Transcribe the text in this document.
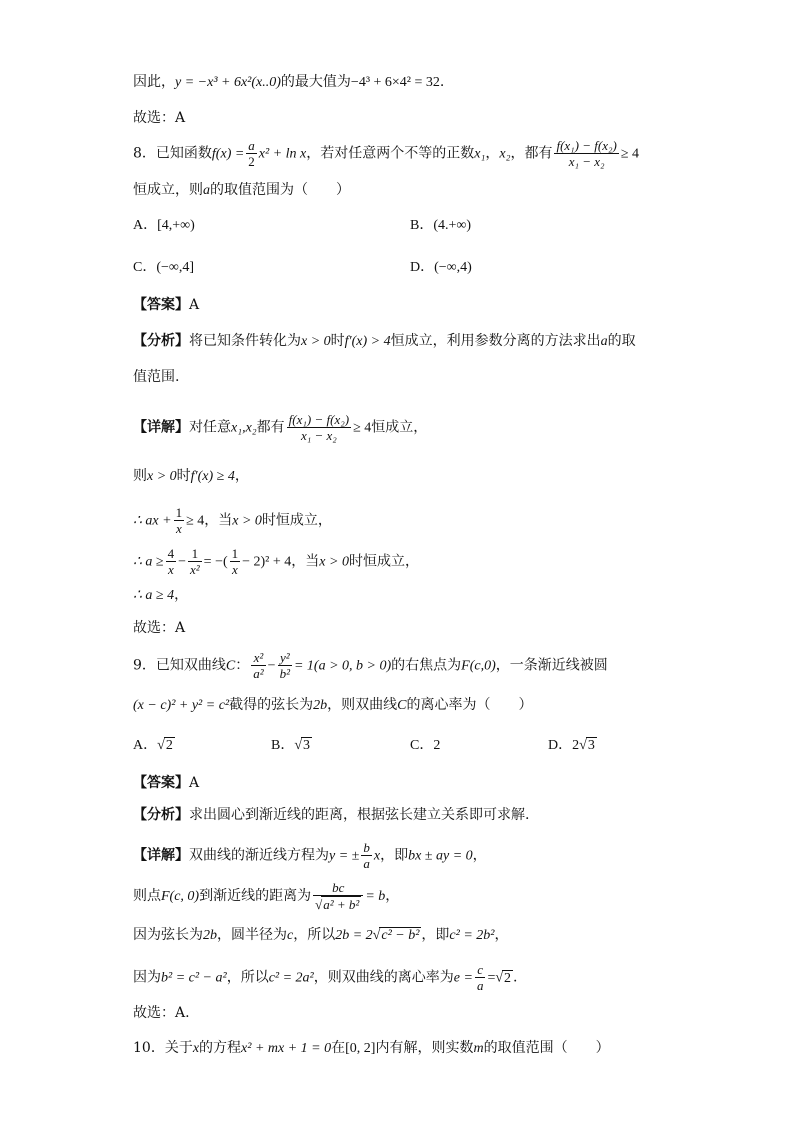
因此，y = −x³ + 6x²(x..0)的最大值为−4³ + 6×4² = 32.
故选：A
8．已知函数$f(x) = \frac{a}{2} x^2 + \ln x$，若对任意两个不等的正数x₁，x₂，都有 $\frac{\text{f(x₁) − f(x₂)}}{\text{x₁ − x₂}} \ge 4$
恒成立，则a的取值范围为（　　）
A．[4,+∞)	B．(4.+∞)
C．(−∞,4]	D．(−∞,4)
【答案】A
【分析】将已知条件转化为x > 0时f′(x) > 4恒成立，利用参数分离的方法求出a的取
值范围.
【详解】对任意x₁,x₂都有 $\frac{\text{f(x₁) − f(x₂)}}{\text{x₁ − x₂}} \ge 4$恒成立，
则x > 0时f′(x) ≥ 4，
∴ ax + $\frac{1}{x} \ge 4$，当x > 0时恒成立，
∴ $a \ge \frac{4}{x} - \frac{1}{\text{x²}}$ = −( $\frac{1}{x} - 2)^2 + 4$，当x > 0时恒成立，
∴ a ≥ 4，
故选：A
9．已知双曲线C： $\frac{\text{x²}}{\text{a²}} - \frac{\text{y²}}{\text{b²}} = 1(a > 0$, b > 0)的右焦点为F(c,0)，一条渐近线被圆
(x − c)² + y² = c²截得的弦长为2b，则双曲线C的离心率为（　　）
A．√2	B．√3	C．2	D．2√3
【答案】A
【分析】求出圆心到渐近线的距离，根据弦长建立关系即可求解.
【详解】双曲线的渐近线方程为y = ± $\frac{b}{a}$ x，即bx ± ay = 0，
则点F(c, 0)到渐近线的距离为 $\frac{bc}{\text{√a² + b²}} = b$，
因为弦长为2b，圆半径为c，所以2b = 2√c² − b² ，即c² = 2b²，
因为b² = c² − a²，所以c² = 2a²，则双曲线的离心率为$e = \frac{c}{a} =√2$ .
故选：A.
10．关于x的方程x² + mx + 1 = 0在[0, 2]内有解，则实数m的取值范围（　　）
